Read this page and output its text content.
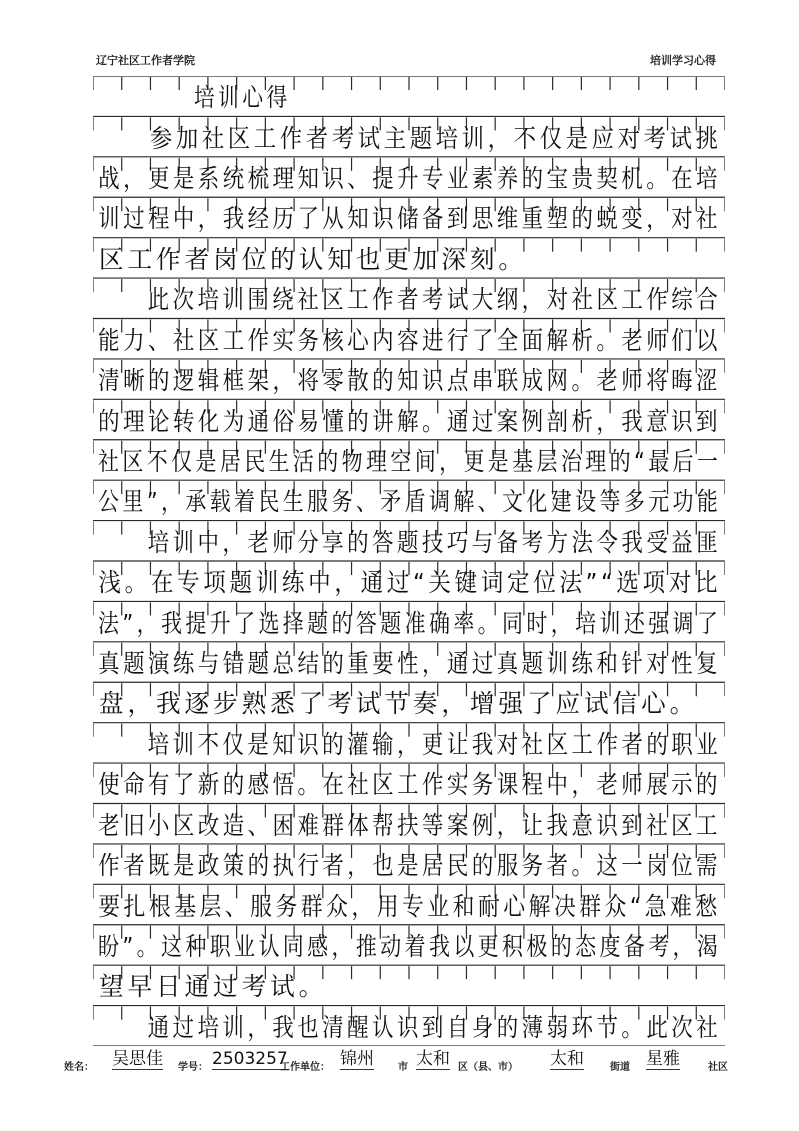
辽宁社区工作者学院	培训学习心得
培训心得
参加社区工作者考试主题培训，不仅是应对考试挑
战，更是系统梳理知识、提升专业素养的宝贵契机。在培
训过程中，我经历了从知识储备到思维重塑的蜕变，对社
区工作者岗位的认知也更加深刻。
此次培训围绕社区工作者考试大纲，对社区工作综合
能力、社区工作实务核心内容进行了全面解析。老师们以
清晰的逻辑框架，将零散的知识点串联成网。老师将晦涩
的理论转化为通俗易懂的讲解。通过案例剖析，我意识到
社区不仅是居民生活的物理空间，更是基层治理的“最后一
公里”，承载着民生服务、矛盾调解、文化建设等多元功能
培训中，老师分享的答题技巧与备考方法令我受益匪
浅。在专项题训练中，通过“关键词定位法”“选项对比
法”，我提升了选择题的答题准确率。同时，培训还强调了
真题演练与错题总结的重要性，通过真题训练和针对性复
盘，我逐步熟悉了考试节奏，增强了应试信心。
培训不仅是知识的灌输，更让我对社区工作者的职业
使命有了新的感悟。在社区工作实务课程中，老师展示的
老旧小区改造、困难群体帮扶等案例，让我意识到社区工
作者既是政策的执行者，也是居民的服务者。这一岗位需
要扎根基层、服务群众，用专业和耐心解决群众“急难愁
盼”。这种职业认同感，推动着我以更积极的态度备考，渴
望早日通过考试。
通过培训，我也清醒认识到自身的薄弱环节。此次社
姓名： 吴思佳 学号： 2503257
工作单位： 锦州 市 太和 区（县、市） 太和	街道 星雅	社区
